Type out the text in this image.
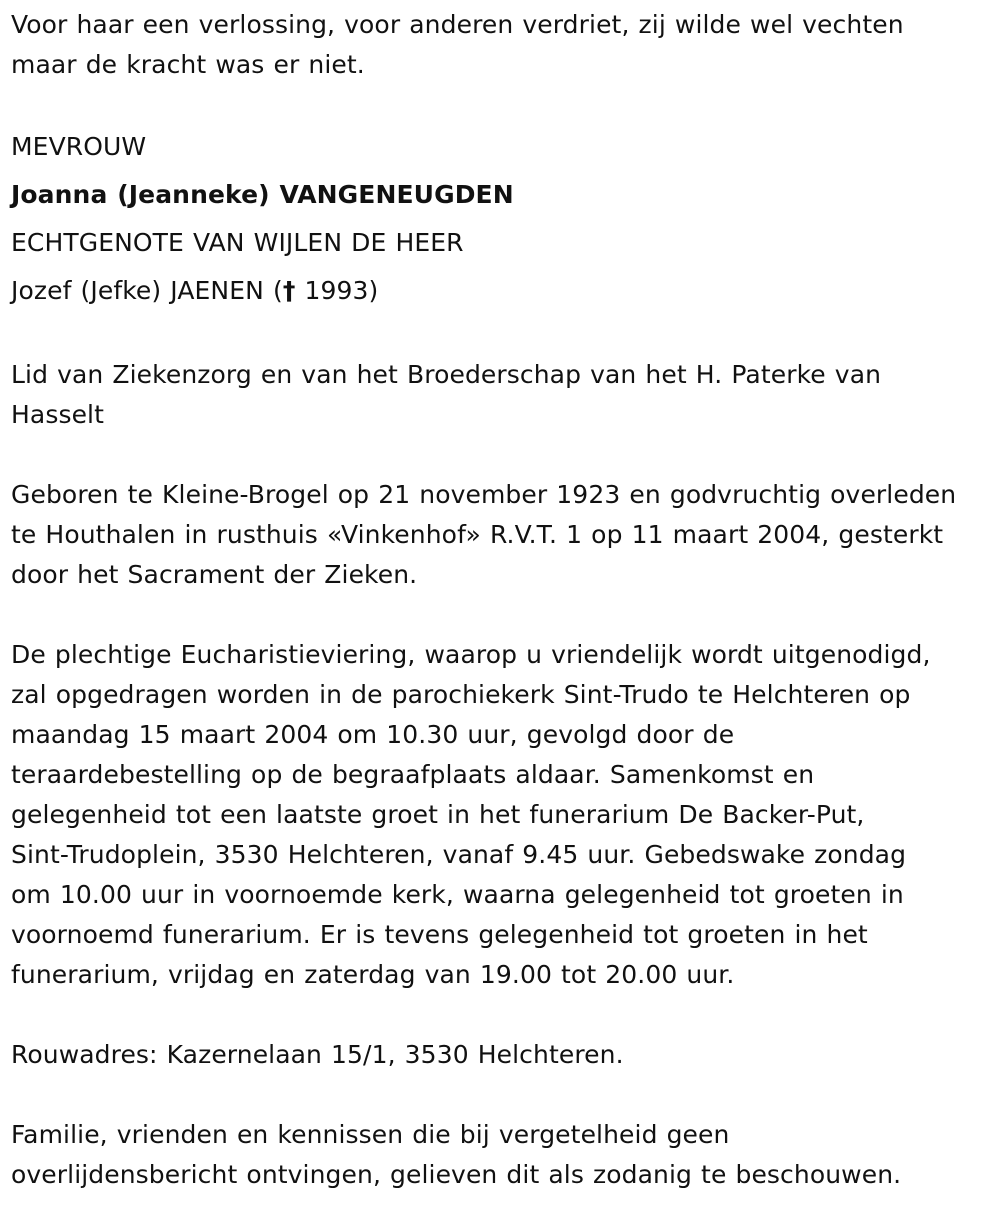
Voor haar een verlossing, voor anderen verdriet, zij wilde wel vechten

maar de kracht was er niet.

MEVROUW

Joanna (Jeanneke) VANGENEUGDEN

ECHTGENOTE VAN WIJLEN DE HEER

Jozef (Jefke) JAENEN († 1993)

Lid van Ziekenzorg en van het Broederschap van het H. Paterke van

Hasselt

Geboren te Kleine-Brogel op 21 november 1923 en godvruchtig overleden

te Houthalen in rusthuis «Vinkenhof» R.V.T. 1 op 11 maart 2004, gesterkt

door het Sacrament der Zieken.

De plechtige Eucharistieviering, waarop u vriendelijk wordt uitgenodigd,

zal opgedragen worden in de parochiekerk Sint-Trudo te Helchteren op

maandag 15 maart 2004 om 10.30 uur, gevolgd door de

teraardebestelling op de begraafplaats aldaar. Samenkomst en

gelegenheid tot een laatste groet in het funerarium De Backer-Put,

Sint-Trudoplein, 3530 Helchteren, vanaf 9.45 uur. Gebedswake zondag

om 10.00 uur in voornoemde kerk, waarna gelegenheid tot groeten in

voornoemd funerarium. Er is tevens gelegenheid tot groeten in het

funerarium, vrijdag en zaterdag van 19.00 tot 20.00 uur.

Rouwadres: Kazernelaan 15/1, 3530 Helchteren.

Familie, vrienden en kennissen die bij vergetelheid geen

overlijdensbericht ontvingen, gelieven dit als zodanig te beschouwen.
